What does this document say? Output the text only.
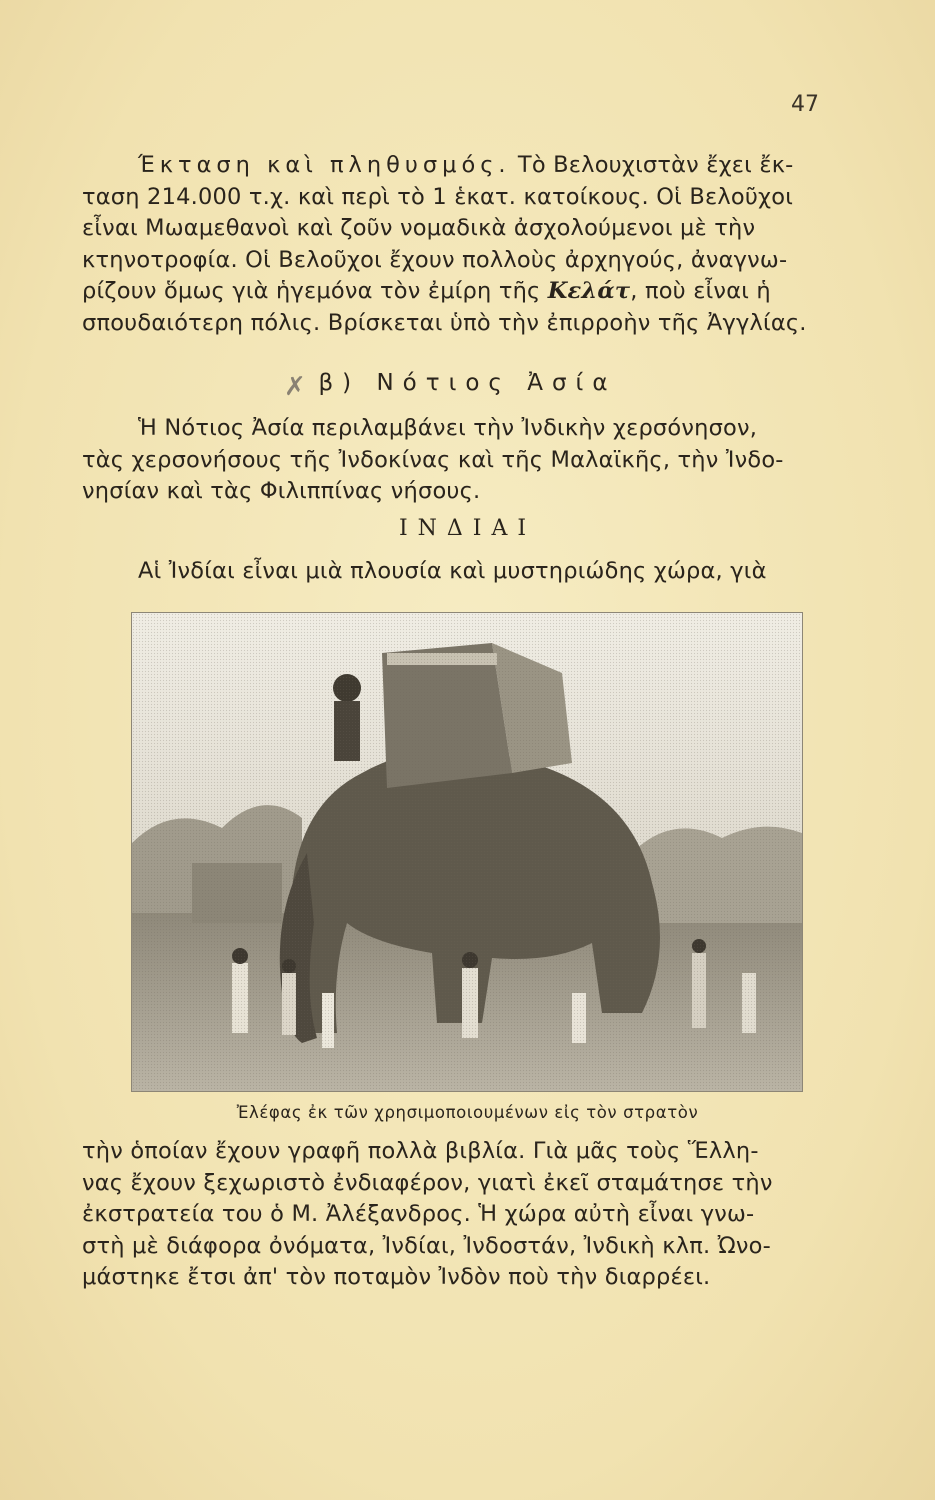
47

Έκταση καὶ πληθυσμός. Τὸ Βελουχιστὰν ἔχει ἔκ-

ταση 214.000 τ.χ. καὶ περὶ τὸ 1 ἑκατ. κατοίκους. Οἱ Βελοῦχοι

εἶναι Μωαμεθανοὶ καὶ ζοῦν νομαδικὰ ἀσχολούμενοι μὲ τὴν

κτηνοτροφία. Οἱ Βελοῦχοι ἔχουν πολλοὺς ἀρχηγούς, ἀναγνω-

ρίζουν ὅμως γιὰ ἡγεμόνα τὸν ἐμίρη τῆς Κελάτ, ποὺ εἶναι ἡ

σπουδαιότερη πόλις. Βρίσκεται ὑπὸ τὴν ἐπιρροὴν τῆς Ἀγγλίας.

✗ β) Νότιος Ἀσία

Ἡ Νότιος Ἀσία περιλαμβάνει τὴν Ἰνδικὴν χερσόνησον,

τὰς χερσονήσους τῆς Ἰνδοκίνας καὶ τῆς Μαλαϊκῆς, τὴν Ἰνδο-

νησίαν καὶ τὰς Φιλιππίνας νήσους.

ΙΝΔΙΑΙ

Αἱ Ἰνδίαι εἶναι μιὰ πλουσία καὶ μυστηριώδης χώρα, γιὰ

Ἐλέφας ἐκ τῶν χρησιμοποιουμένων εἰς τὸν στρατὸν

τὴν ὁποίαν ἔχουν γραφῆ πολλὰ βιβλία. Γιὰ μᾶς τοὺς Ἕλλη-

νας ἔχουν ξεχωριστὸ ἐνδιαφέρον, γιατὶ ἐκεῖ σταμάτησε τὴν

ἐκστρατεία του ὁ Μ. Ἀλέξανδρος. Ἡ χώρα αὐτὴ εἶναι γνω-

στὴ μὲ διάφορα ὀνόματα, Ἰνδίαι, Ἰνδοστάν, Ἰνδικὴ κλπ. Ὠνο-

μάστηκε ἔτσι ἀπ' τὸν ποταμὸν Ἰνδὸν ποὺ τὴν διαρρέει.
